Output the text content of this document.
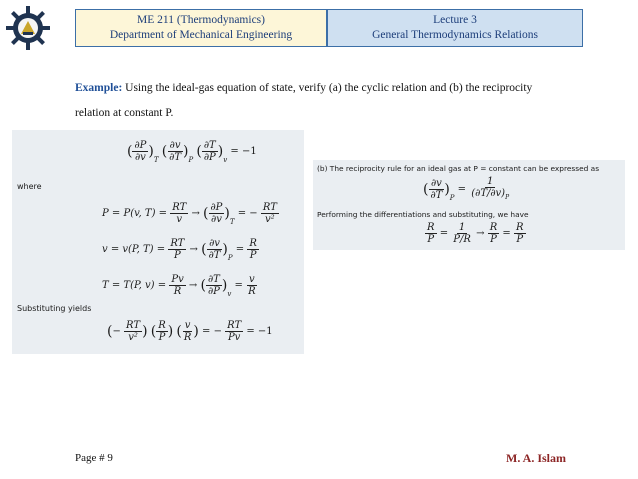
ME 211 (Thermodynamics)
Department of Mechanical Engineering
Lecture 3
General Thermodynamics Relations
Example: Using the ideal-gas equation of state, verify (a) the cyclic relation and (b) the reciprocity
relation at constant P.
( $\frac{\partial P}{\partial v} )_T$ ( $\frac{\partial v}{\partial T} )_P$ ( $\frac{\partial T}{\partial P} )_v = -1$
where
P = P(v, $T) = \frac{RT}{v}$ → ( $\frac{\partial P}{\partial v} )_T$ = − $\frac{RT}{\text{v²}}$
v = v(P, $T) = \frac{RT}{P}$ → ( $\frac{\partial v}{\partial T} )_P = \frac{R}{P}$
T = T(P, $v) = \frac{Pv}{R}$ → ( $\frac{\partial T}{\partial P} )_v = \frac{v}{R}$
Substituting yields
(− $\frac{RT}{\text{v²}}$ ) ( $\frac{R}{P}$ ) ( $\frac{v}{R}$ ) = − $\frac{RT}{Pv} = -1$
(b) The reciprocity rule for an ideal gas at P = constant can be expressed as
( $\frac{\partial v}{\partial T} )_P = \frac{1}{(\partial T/\partial v)_P}$
Performing the differentiations and substituting, we have
$\frac{R}{P} = \frac{1}{P/R} \to \frac{R}{P} = \frac{R}{P}$
Page # 9	M. A. Islam
